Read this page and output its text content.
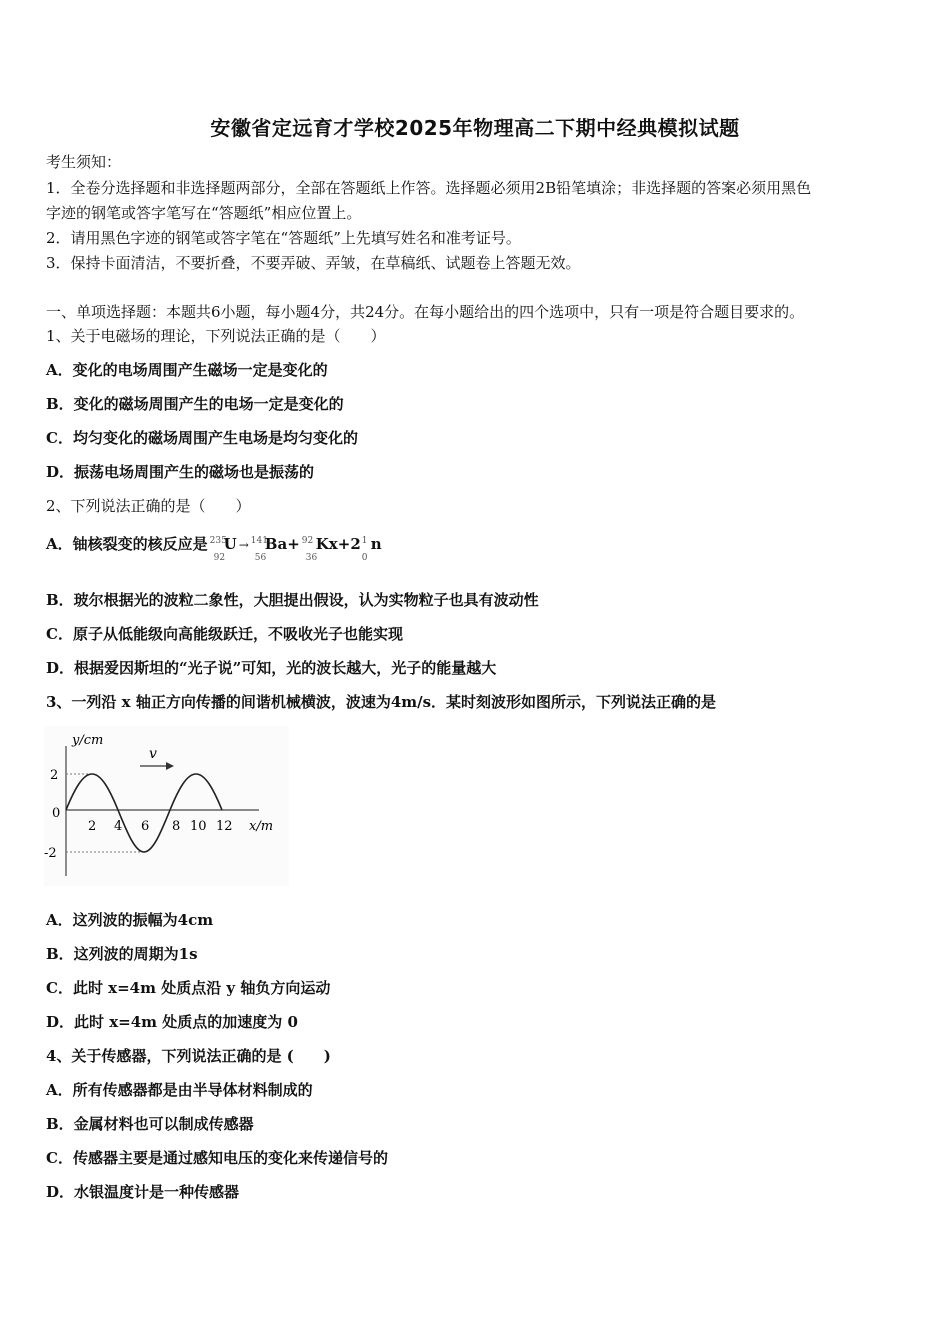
安徽省定远育才学校2025年物理高二下期中经典模拟试题
考生须知：
1．全卷分选择题和非选择题两部分，全部在答题纸上作答。选择题必须用2B铅笔填涂；非选择题的答案必须用黑色
字迹的钢笔或答字笔写在“答题纸”相应位置上。
2．请用黑色字迹的钢笔或答字笔在“答题纸”上先填写姓名和准考证号。
3．保持卡面清洁，不要折叠，不要弄破、弄皱，在草稿纸、试题卷上答题无效。
一、单项选择题：本题共6小题，每小题4分，共24分。在每小题给出的四个选项中，只有一项是符合题目要求的。
1、关于电磁场的理论，下列说法正确的是（　　）
A．变化的电场周围产生磁场一定是变化的
B．变化的磁场周围产生的电场一定是变化的
C．均匀变化的磁场周围产生电场是均匀变化的
D．振荡电场周围产生的磁场也是振荡的
2、下列说法正确的是（　　）
A．铀核裂变的核反应是 235
92
U → 141
56
Ba+ 92
36
Kx+2 1
0
n
B．玻尔根据光的波粒二象性，大胆提出假设，认为实物粒子也具有波动性
C．原子从低能级向高能级跃迁，不吸收光子也能实现
D．根据爱因斯坦的“光子说”可知，光的波长越大，光子的能量越大
3、一列沿 x 轴正方向传播的间谐机械横波，波速为4m/s．某时刻波形如图所示，下列说法正确的是
v
y/cm
x/m
2
0
-2
2 4 6 8 10 12
A．这列波的振幅为4cm
B．这列波的周期为1s
C．此时 x=4m 处质点沿 y 轴负方向运动
D．此时 x=4m 处质点的加速度为 0
4、关于传感器，下列说法正确的是 (　　)
A．所有传感器都是由半导体材料制成的
B．金属材料也可以制成传感器
C．传感器主要是通过感知电压的变化来传递信号的
D．水银温度计是一种传感器
